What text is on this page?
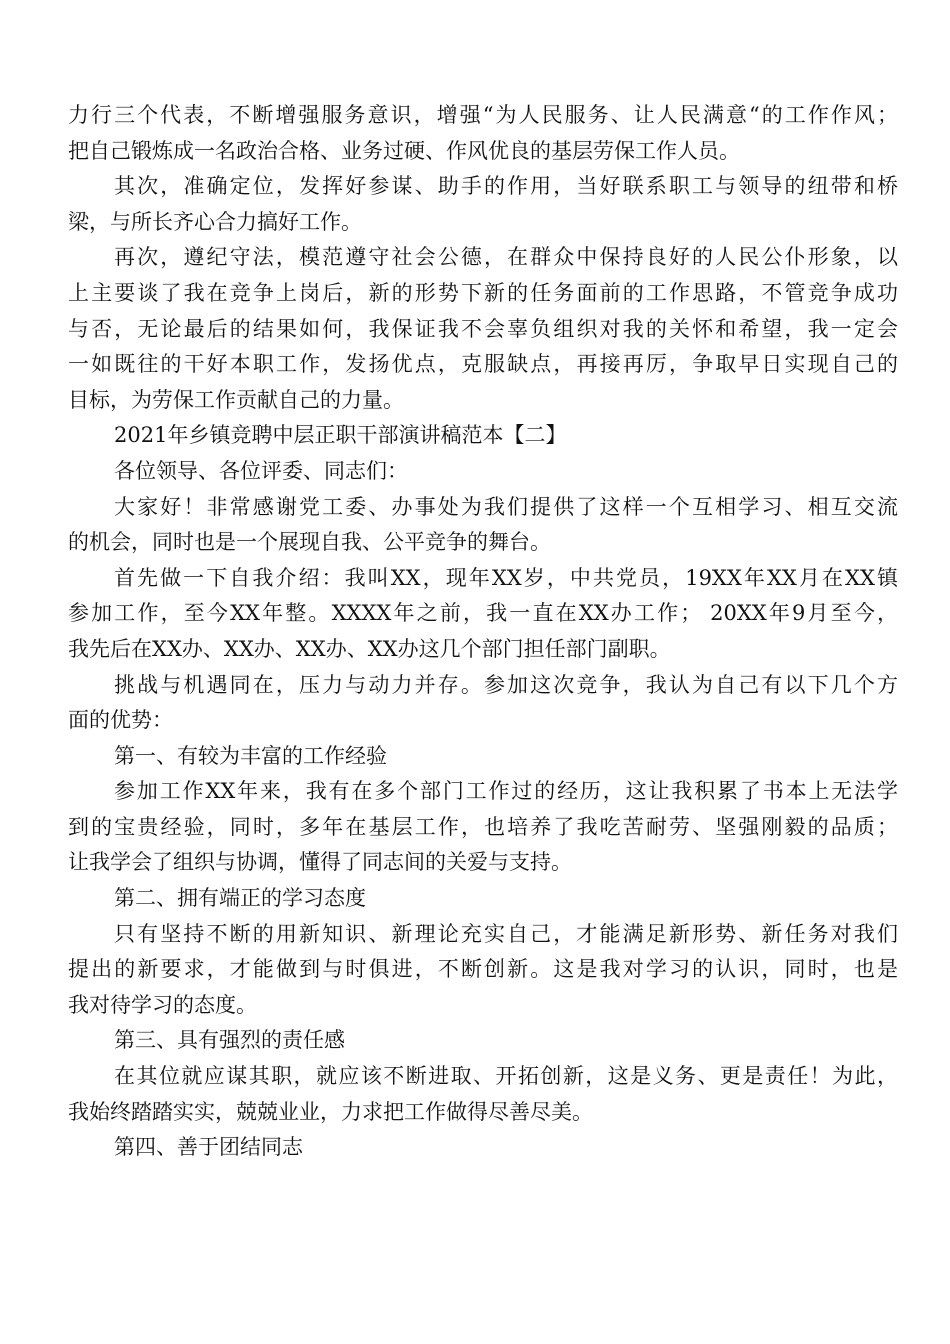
力行三个代表，不断增强服务意识，增强“为人民服务、让人民满意“的工作作风；
把自己锻炼成一名政治合格、业务过硬、作风优良的基层劳保工作人员。
其次，准确定位，发挥好参谋、助手的作用，当好联系职工与领导的纽带和桥
梁，与所长齐心合力搞好工作。
再次，遵纪守法，模范遵守社会公德，在群众中保持良好的人民公仆形象，以
上主要谈了我在竞争上岗后，新的形势下新的任务面前的工作思路，不管竞争成功
与否，无论最后的结果如何，我保证我不会辜负组织对我的关怀和希望，我一定会
一如既往的干好本职工作，发扬优点，克服缺点，再接再厉，争取早日实现自己的
目标，为劳保工作贡献自己的力量。
2021年乡镇竞聘中层正职干部演讲稿范本【二】
各位领导、各位评委、同志们：
大家好！非常感谢党工委、办事处为我们提供了这样一个互相学习、相互交流
的机会，同时也是一个展现自我、公平竞争的舞台。
首先做一下自我介绍：我叫XX，现年XX岁，中共党员，19XX年XX月在XX镇
参加工作，至今XX年整。XXXX年之前，我一直在XX办工作； 20XX年9月至今，
我先后在XX办、XX办、XX办、XX办这几个部门担任部门副职。
挑战与机遇同在，压力与动力并存。参加这次竞争，我认为自己有以下几个方
面的优势：
第一、有较为丰富的工作经验
参加工作XX年来，我有在多个部门工作过的经历，这让我积累了书本上无法学
到的宝贵经验，同时，多年在基层工作，也培养了我吃苦耐劳、坚强刚毅的品质；
让我学会了组织与协调，懂得了同志间的关爱与支持。
第二、拥有端正的学习态度
只有坚持不断的用新知识、新理论充实自己，才能满足新形势、新任务对我们
提出的新要求，才能做到与时俱进，不断创新。这是我对学习的认识，同时，也是
我对待学习的态度。
第三、具有强烈的责任感
在其位就应谋其职，就应该不断进取、开拓创新，这是义务、更是责任！为此，
我始终踏踏实实，兢兢业业，力求把工作做得尽善尽美。
第四、善于团结同志
